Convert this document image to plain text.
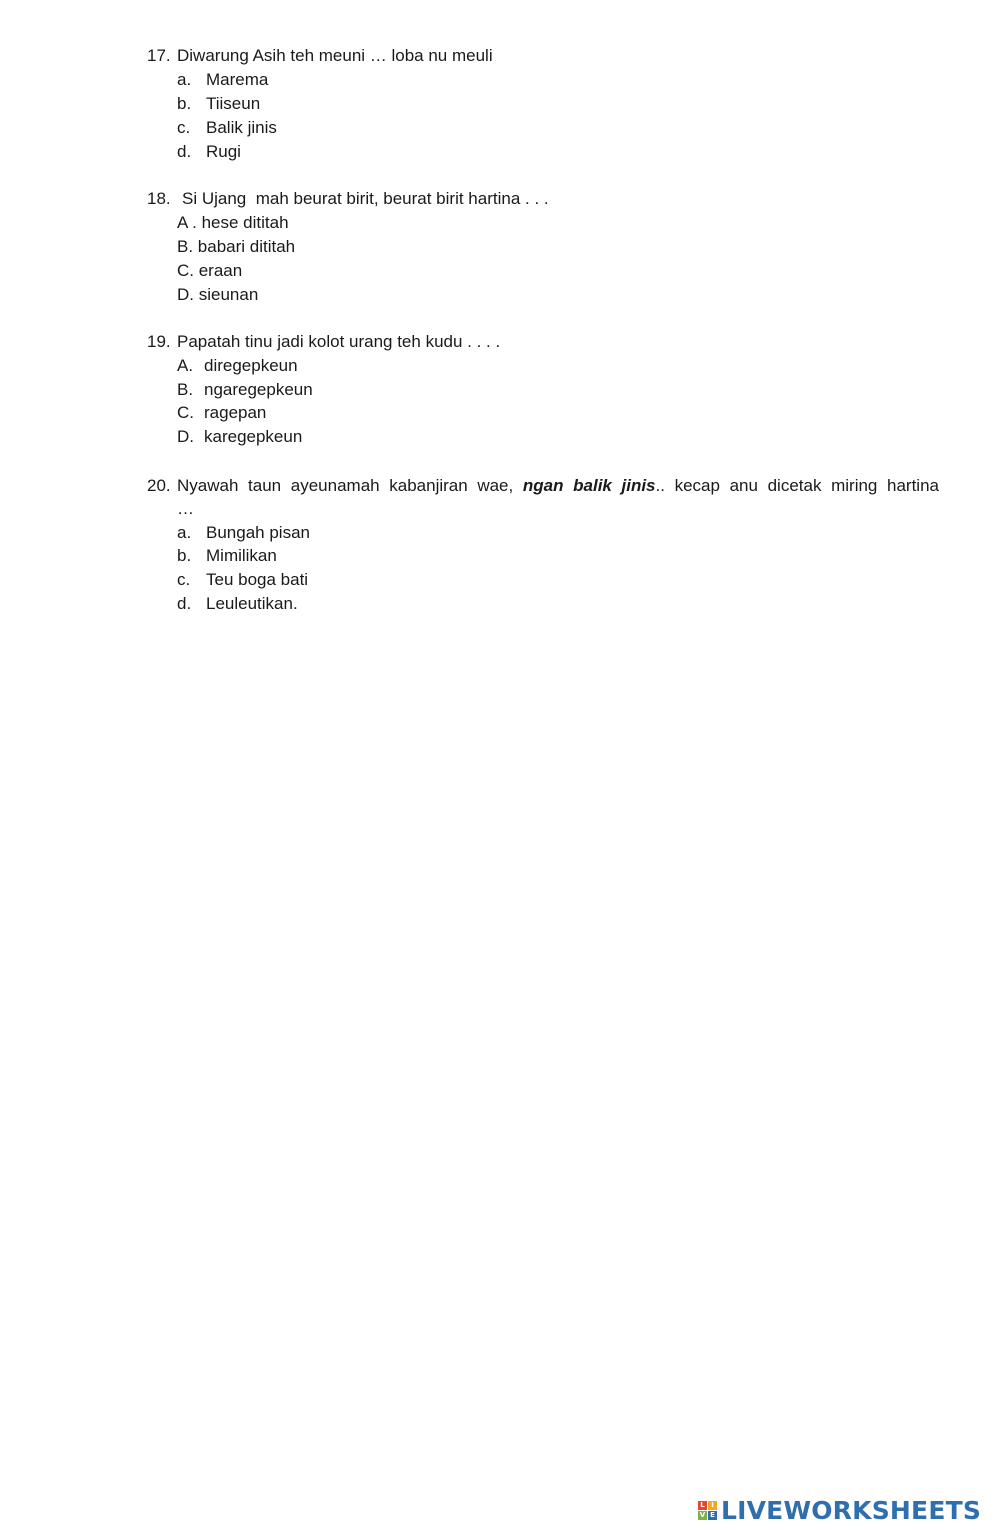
17. Diwarung Asih teh meuni … loba nu meuli
a. Marema
b. Tiiseun
c. Balik jinis
d. Rugi
18. Si Ujang  mah beurat birit, beurat birit hartina . . .
A . hese dititah
B. babari dititah
C. eraan
D. sieunan
19. Papatah tinu jadi kolot urang teh kudu . . . .
A. diregepkeun
B. ngaregepkeun
C. ragepan
D. karegepkeun
20. Nyawah taun ayeunamah kabanjiran wae, ngan balik jinis.. kecap anu dicetak miring hartina
…
a. Bungah pisan
b. Mimilikan
c. Teu boga bati
d. Leuleutikan.
L I
V E LIVEWORKSHEETS
